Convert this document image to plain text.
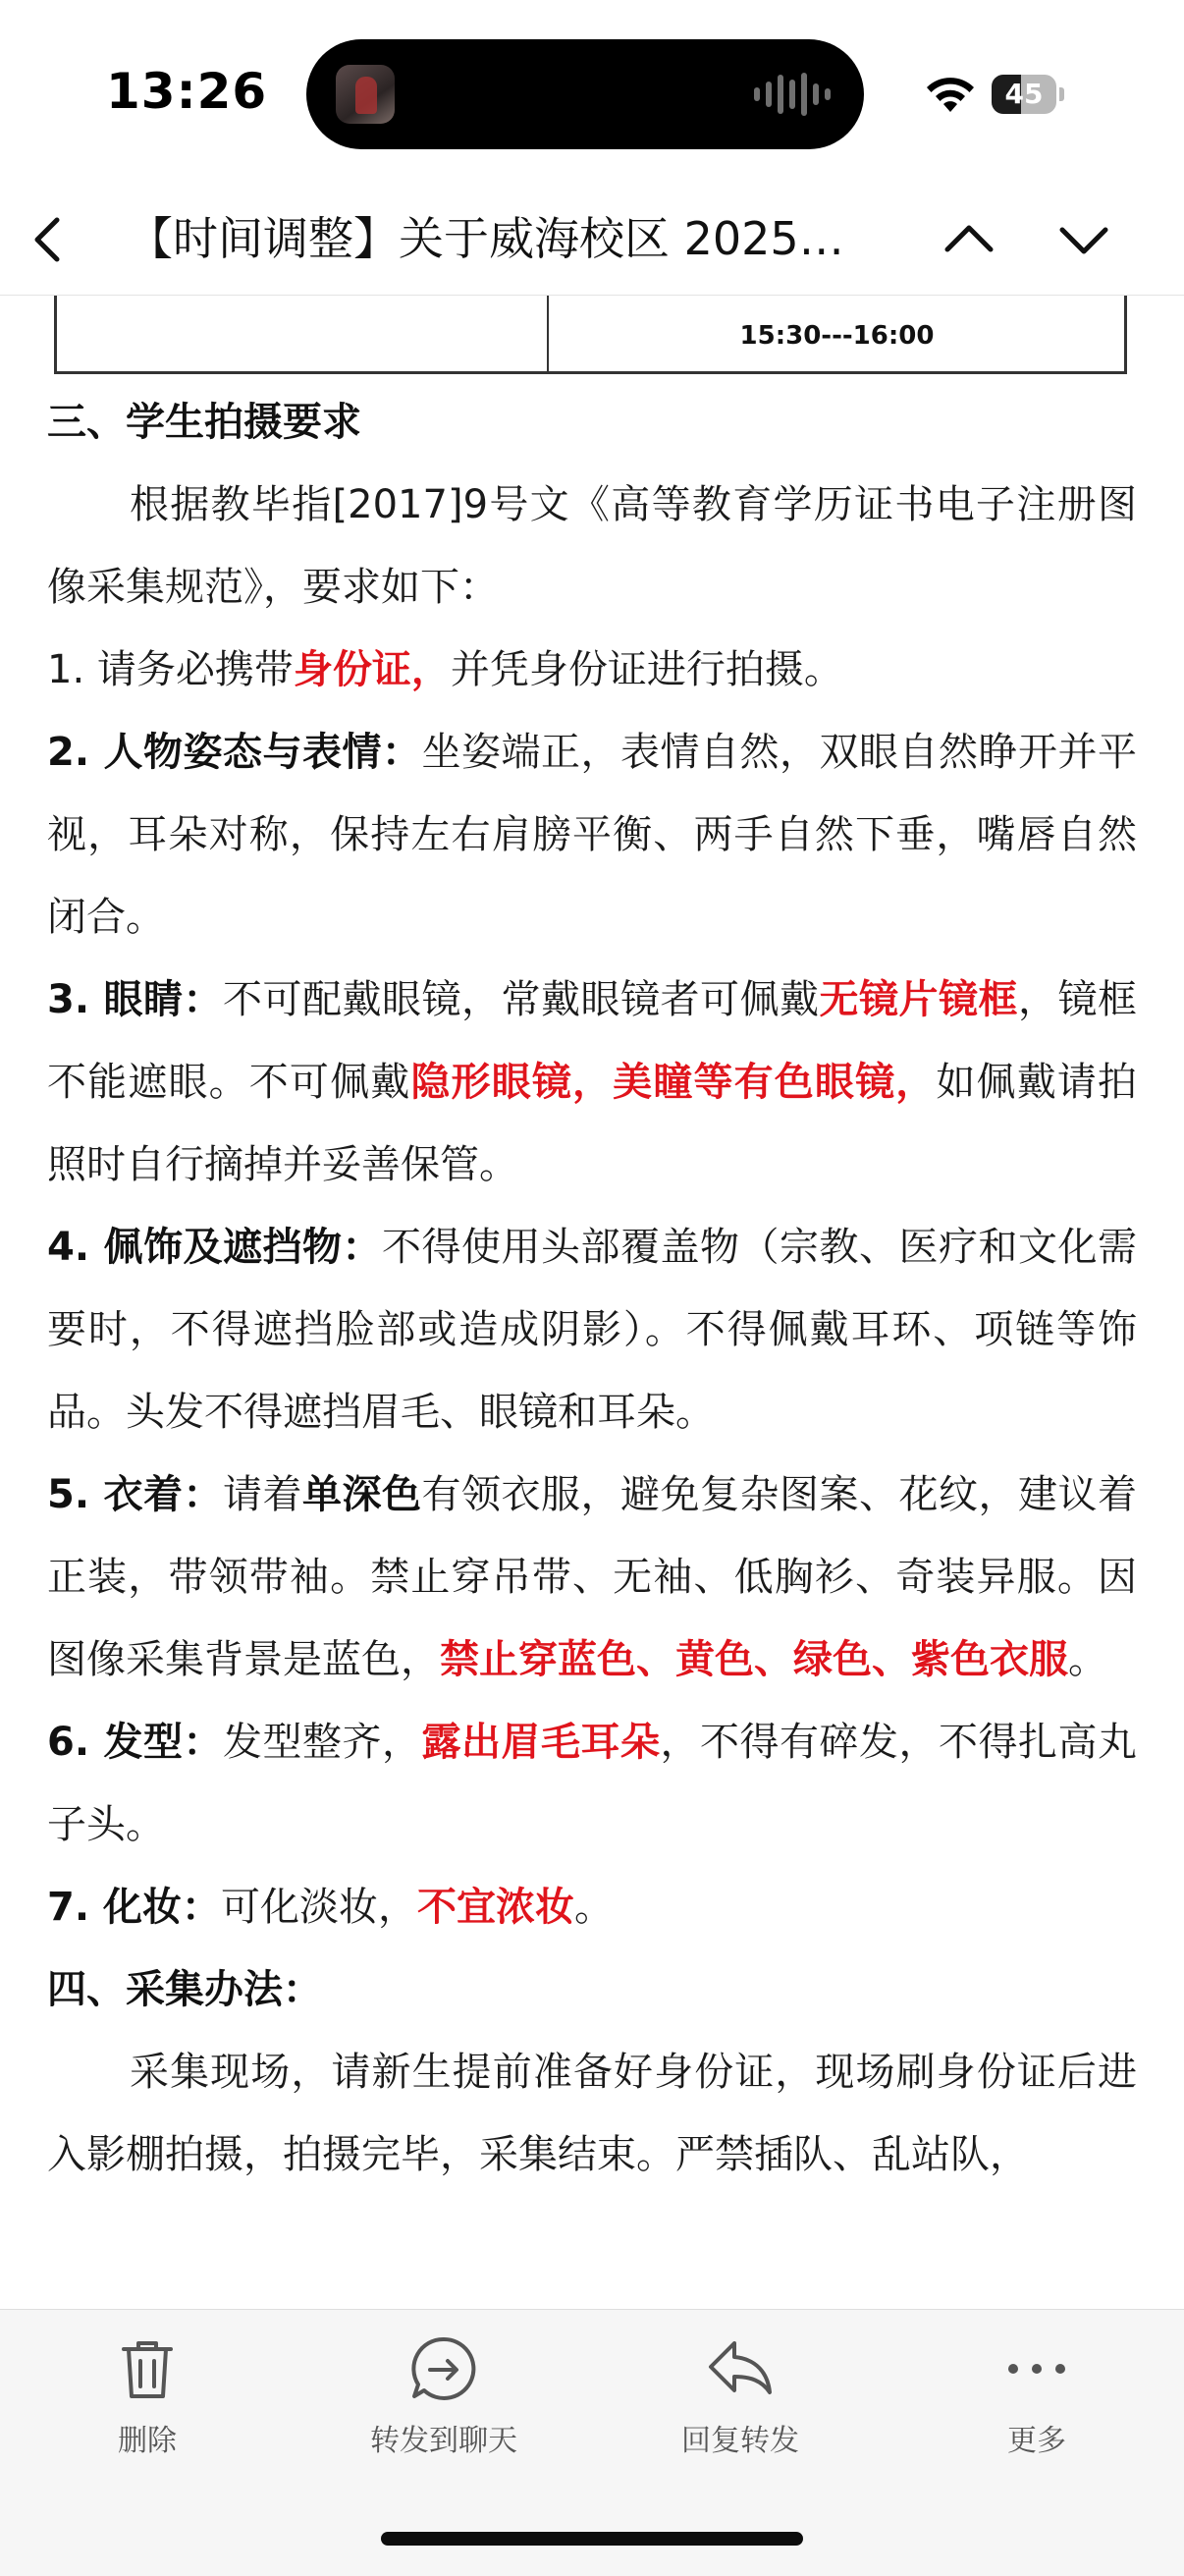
13:26	45
【时间调整】关于威海校区 2025…
15:30---16:00

三、学生拍摄要求

根据教毕指[2017]9号文《高等教育学历证书电子注册图像采集规范》，要求如下：

1. 请务必携带身份证，并凭身份证进行拍摄。

2. 人物姿态与表情：坐姿端正，表情自然，双眼自然睁开并平视，耳朵对称，保持左右肩膀平衡、两手自然下垂，嘴唇自然闭合。

3. 眼睛：不可配戴眼镜，常戴眼镜者可佩戴无镜片镜框，镜框不能遮眼。不可佩戴隐形眼镜，美瞳等有色眼镜，如佩戴请拍照时自行摘掉并妥善保管。

4. 佩饰及遮挡物：不得使用头部覆盖物（宗教、医疗和文化需要时，不得遮挡脸部或造成阴影）。不得佩戴耳环、项链等饰品。头发不得遮挡眉毛、眼镜和耳朵。

5. 衣着：请着单深色有领衣服，避免复杂图案、花纹，建议着正装，带领带袖。禁止穿吊带、无袖、低胸衫、奇装异服。因图像采集背景是蓝色，禁止穿蓝色、黄色、绿色、紫色衣服。

6. 发型：发型整齐，露出眉毛耳朵，不得有碎发，不得扎高丸子头。

7. 化妆：可化淡妆，不宜浓妆。

四、采集办法：

采集现场，请新生提前准备好身份证，现场刷身份证后进入影棚拍摄，拍摄完毕，采集结束。严禁插队、乱站队，

删除	转发到聊天	回复转发	更多
